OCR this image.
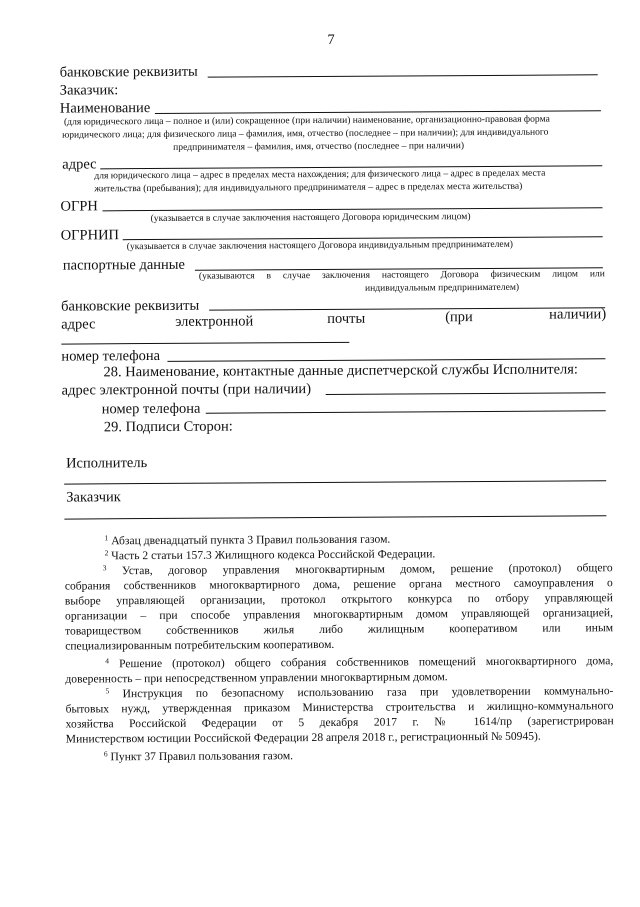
7
банковские реквизиты
Заказчик:
Наименование
(для юридического лица – полное и (или) сокращенное (при наличии) наименование, организационно-правовая форма
юридического лица; для физического лица – фамилия, имя, отчество (последнее – при наличии); для индивидуального
предпринимателя – фамилия, имя, отчество (последнее – при наличии)
адрес
для юридического лица – адрес в пределах места нахождения; для физического лица – адрес в пределах места
жительства (пребывания); для индивидуального предпринимателя – адрес в пределах места жительства)
ОГРН
(указывается в случае заключения настоящего Договора юридическим лицом)
ОГРНИП
(указывается в случае заключения настоящего Договора индивидуальным предпринимателем)
паспортные данные
(указываются в случае заключения настоящего Договора физическим лицом или
индивидуальным предпринимателем)
банковские реквизиты
адрес	электронной	почты	(при	наличии)
номер телефона
28. Наименование, контактные данные диспетчерской службы Исполнителя:
адрес электронной почты (при наличии)
номер телефона
29. Подписи Сторон:
Исполнитель
Заказчик
$^1$ Абзац двенадцатый пункта 3 Правил пользования газом.
$^2$ Часть 2 статьи 157.3 Жилищного кодекса Российской Федерации.
$^3$ Устав, договор управления многоквартирным домом, решение (протокол) общего
собрания собственников многоквартирного дома, решение органа местного самоуправления о
выборе управляющей организации, протокол открытого конкурса по отбору управляющей
организации – при способе управления многоквартирным домом управляющей организацией,
товариществом собственников жилья либо жилищным кооперативом или иным
специализированным потребительским кооперативом.
$^4$ Решение (протокол) общего собрания собственников помещений многоквартирного дома,
доверенность – при непосредственном управлении многоквартирным домом.
$^5$ Инструкция по безопасному использованию газа при удовлетворении коммунально-
бытовых нужд, утвержденная приказом Министерства строительства и жилищно-коммунального
хозяйства Российской Федерации от 5 декабря 2017 г. № 1614/пр (зарегистрирован
Министерством юстиции Российской Федерации 28 апреля 2018 г., регистрационный № 50945).
$^6$ Пункт 37 Правил пользования газом.
